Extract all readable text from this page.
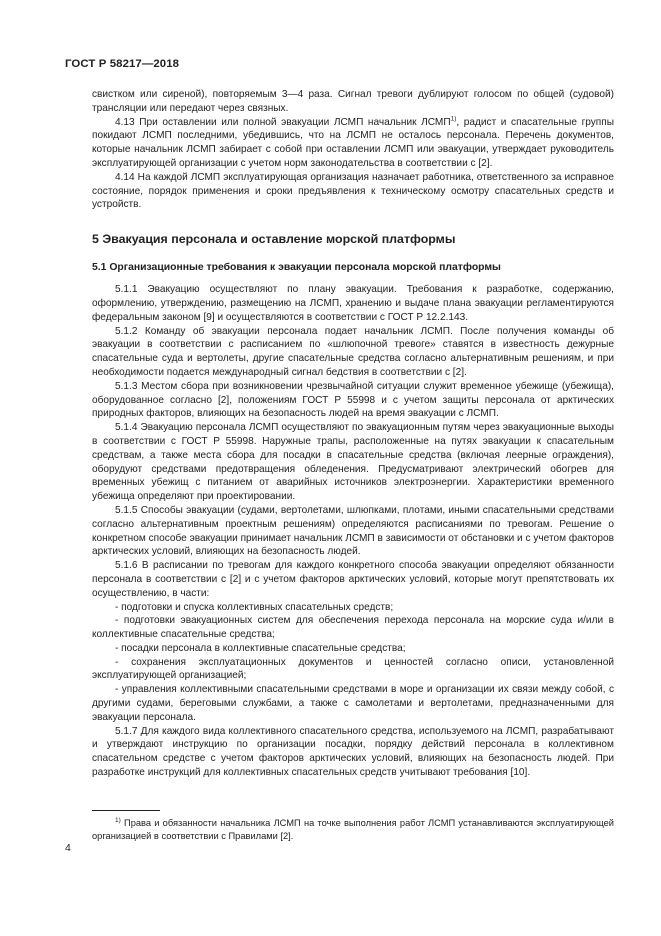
ГОСТ Р 58217—2018

свистком или сиреной), повторяемым 3—4 раза. Сигнал тревоги дублируют голосом по общей (судовой) трансляции или передают через связных.

4.13 При оставлении или полной эвакуации ЛСМП начальник ЛСМП$^{1)}$, радист и спасательные группы покидают ЛСМП последними, убедившись, что на ЛСМП не осталось персонала. Перечень документов, которые начальник ЛСМП забирает с собой при оставлении ЛСМП или эвакуации, утверждает руководитель эксплуатирующей организации с учетом норм законодательства в соответствии с [2].

4.14 На каждой ЛСМП эксплуатирующая организация назначает работника, ответственного за исправное состояние, порядок применения и сроки предъявления к техническому осмотру спасательных средств и устройств.

5 Эвакуация персонала и оставление морской платформы

5.1 Организационные требования к эвакуации персонала морской платформы

5.1.1 Эвакуацию осуществляют по плану эвакуации. Требования к разработке, содержанию, оформлению, утверждению, размещению на ЛСМП, хранению и выдаче плана эвакуации регламентируются федеральным законом [9] и осуществляются в соответствии с ГОСТ Р 12.2.143.

5.1.2 Команду об эвакуации персонала подает начальник ЛСМП. После получения команды об эвакуации в соответствии с расписанием по «шлюпочной тревоге» ставятся в известность дежурные спасательные суда и вертолеты, другие спасательные средства согласно альтернативным решениям, и при необходимости подается международный сигнал бедствия в соответствии с [2].

5.1.3 Местом сбора при возникновении чрезвычайной ситуации служит временное убежище (убежища), оборудованное согласно [2], положениям ГОСТ Р 55998 и с учетом защиты персонала от арктических природных факторов, влияющих на безопасность людей на время эвакуации с ЛСМП.

5.1.4 Эвакуацию персонала ЛСМП осуществляют по эвакуационным путям через эвакуационные выходы в соответствии с ГОСТ Р 55998. Наружные трапы, расположенные на путях эвакуации к спасательным средствам, а также места сбора для посадки в спасательные средства (включая леерные ограждения), оборудуют средствами предотвращения обледенения. Предусматривают электрический обогрев для временных убежищ с питанием от аварийных источников электроэнергии. Характеристики временного убежища определяют при проектировании.

5.1.5 Способы эвакуации (судами, вертолетами, шлюпками, плотами, иными спасательными средствами согласно альтернативным проектным решениям) определяются расписаниями по тревогам. Решение о конкретном способе эвакуации принимает начальник ЛСМП в зависимости от обстановки и с учетом факторов арктических условий, влияющих на безопасность людей.

5.1.6 В расписании по тревогам для каждого конкретного способа эвакуации определяют обязанности персонала в соответствии с [2] и с учетом факторов арктических условий, которые могут препятствовать их осуществлению, в части:

- подготовки и спуска коллективных спасательных средств;

- подготовки эвакуационных систем для обеспечения перехода персонала на морские суда и/или в коллективные спасательные средства;

- посадки персонала в коллективные спасательные средства;

- сохранения эксплуатационных документов и ценностей согласно описи, установленной эксплуатирующей организацией;

- управления коллективными спасательными средствами в море и организации их связи между собой, с другими судами, береговыми службами, а также с самолетами и вертолетами, предназначенными для эвакуации персонала.

5.1.7 Для каждого вида коллективного спасательного средства, используемого на ЛСМП, разрабатывают и утверждают инструкцию по организации посадки, порядку действий персонала в коллективном спасательном средстве с учетом факторов арктических условий, влияющих на безопасность людей. При разработке инструкций для коллективных спасательных средств учитывают требования [10].

$^{1)}$ Права и обязанности начальника ЛСМП на точке выполнения работ ЛСМП устанавливаются эксплуатирующей организацией в соответствии с Правилами [2].

4
